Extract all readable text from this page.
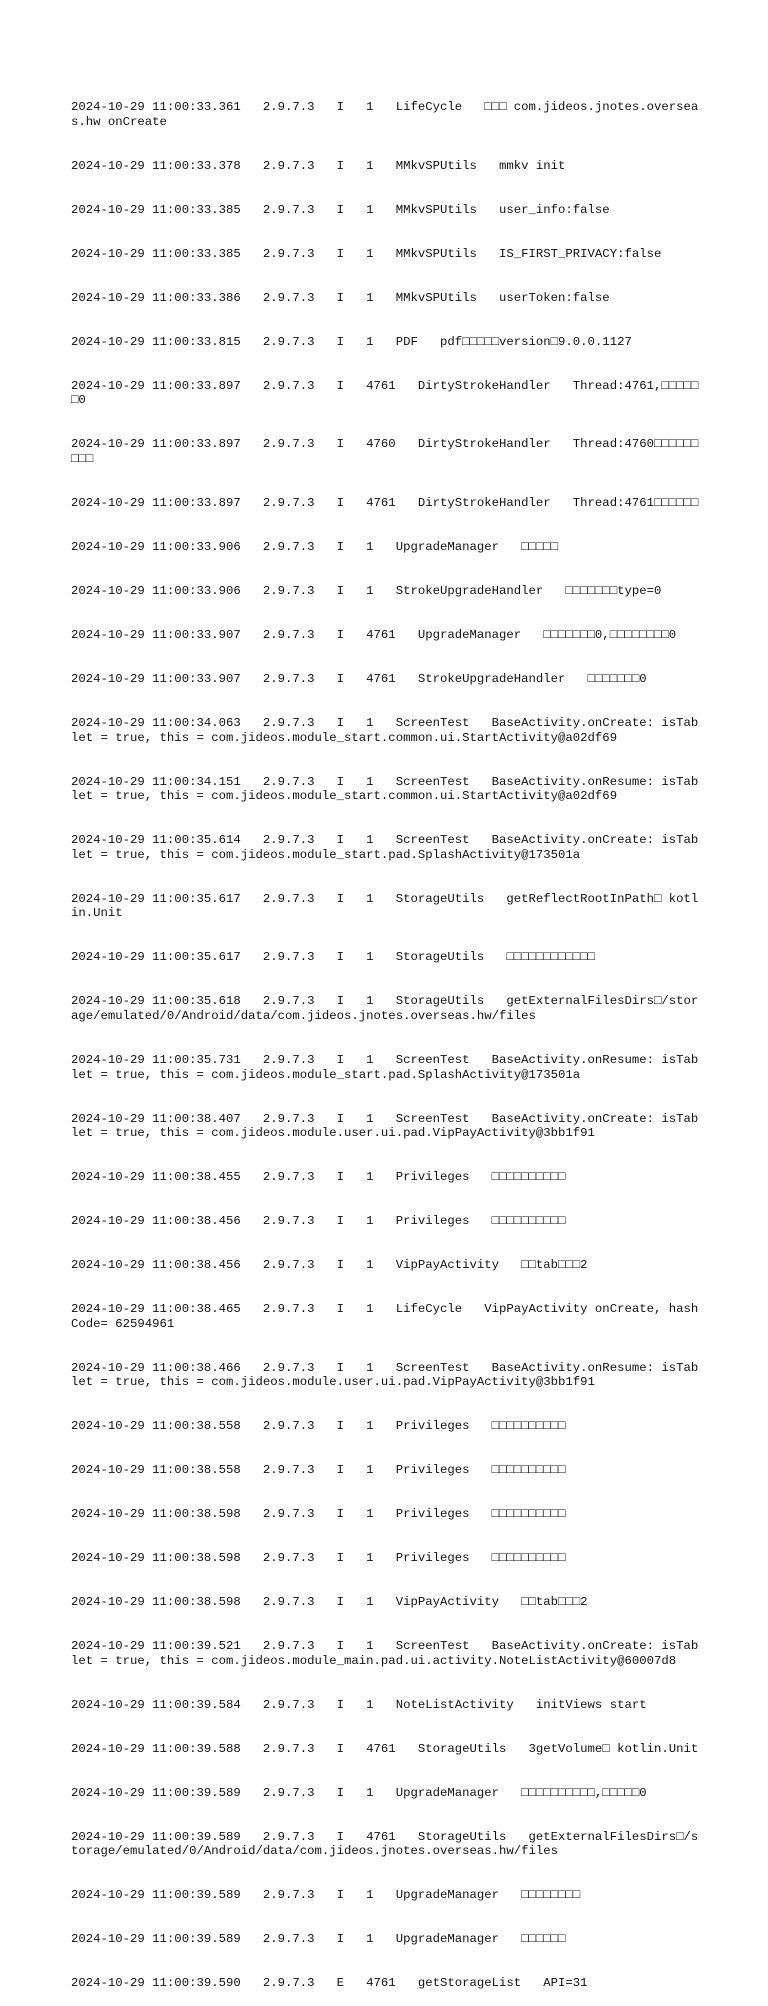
2024-10-29 11:00:33.361   2.9.7.3   I   1   LifeCycle   □□□ com.jideos.jnotes.overseas.hw onCreate

2024-10-29 11:00:33.378   2.9.7.3   I   1   MMkvSPUtils   mmkv init

2024-10-29 11:00:33.385   2.9.7.3   I   1   MMkvSPUtils   user_info:false

2024-10-29 11:00:33.385   2.9.7.3   I   1   MMkvSPUtils   IS_FIRST_PRIVACY:false

2024-10-29 11:00:33.386   2.9.7.3   I   1   MMkvSPUtils   userToken:false

2024-10-29 11:00:33.815   2.9.7.3   I   1   PDF   pdf□□□□□version□9.0.0.1127

2024-10-29 11:00:33.897   2.9.7.3   I   4761   DirtyStrokeHandler   Thread:4761,□□□□□□0

2024-10-29 11:00:33.897   2.9.7.3   I   4760   DirtyStrokeHandler   Thread:4760□□□□□□□□□

2024-10-29 11:00:33.897   2.9.7.3   I   4761   DirtyStrokeHandler   Thread:4761□□□□□□

2024-10-29 11:00:33.906   2.9.7.3   I   1   UpgradeManager   □□□□□

2024-10-29 11:00:33.906   2.9.7.3   I   1   StrokeUpgradeHandler   □□□□□□□type=0

2024-10-29 11:00:33.907   2.9.7.3   I   4761   UpgradeManager   □□□□□□□0,□□□□□□□□0

2024-10-29 11:00:33.907   2.9.7.3   I   4761   StrokeUpgradeHandler   □□□□□□□0

2024-10-29 11:00:34.063   2.9.7.3   I   1   ScreenTest   BaseActivity.onCreate: isTablet = true, this = com.jideos.module_start.common.ui.StartActivity@a02df69

2024-10-29 11:00:34.151   2.9.7.3   I   1   ScreenTest   BaseActivity.onResume: isTablet = true, this = com.jideos.module_start.common.ui.StartActivity@a02df69

2024-10-29 11:00:35.614   2.9.7.3   I   1   ScreenTest   BaseActivity.onCreate: isTablet = true, this = com.jideos.module_start.pad.SplashActivity@173501a

2024-10-29 11:00:35.617   2.9.7.3   I   1   StorageUtils   getReflectRootInPath□ kotlin.Unit

2024-10-29 11:00:35.617   2.9.7.3   I   1   StorageUtils   □□□□□□□□□□□□

2024-10-29 11:00:35.618   2.9.7.3   I   1   StorageUtils   getExternalFilesDirs□/storage/emulated/0/Android/data/com.jideos.jnotes.overseas.hw/files

2024-10-29 11:00:35.731   2.9.7.3   I   1   ScreenTest   BaseActivity.onResume: isTablet = true, this = com.jideos.module_start.pad.SplashActivity@173501a

2024-10-29 11:00:38.407   2.9.7.3   I   1   ScreenTest   BaseActivity.onCreate: isTablet = true, this = com.jideos.module.user.ui.pad.VipPayActivity@3bb1f91

2024-10-29 11:00:38.455   2.9.7.3   I   1   Privileges   □□□□□□□□□□

2024-10-29 11:00:38.456   2.9.7.3   I   1   Privileges   □□□□□□□□□□

2024-10-29 11:00:38.456   2.9.7.3   I   1   VipPayActivity   □□tab□□□2

2024-10-29 11:00:38.465   2.9.7.3   I   1   LifeCycle   VipPayActivity onCreate, hashCode= 62594961

2024-10-29 11:00:38.466   2.9.7.3   I   1   ScreenTest   BaseActivity.onResume: isTablet = true, this = com.jideos.module.user.ui.pad.VipPayActivity@3bb1f91

2024-10-29 11:00:38.558   2.9.7.3   I   1   Privileges   □□□□□□□□□□

2024-10-29 11:00:38.558   2.9.7.3   I   1   Privileges   □□□□□□□□□□

2024-10-29 11:00:38.598   2.9.7.3   I   1   Privileges   □□□□□□□□□□

2024-10-29 11:00:38.598   2.9.7.3   I   1   Privileges   □□□□□□□□□□

2024-10-29 11:00:38.598   2.9.7.3   I   1   VipPayActivity   □□tab□□□2

2024-10-29 11:00:39.521   2.9.7.3   I   1   ScreenTest   BaseActivity.onCreate: isTablet = true, this = com.jideos.module_main.pad.ui.activity.NoteListActivity@60007d8

2024-10-29 11:00:39.584   2.9.7.3   I   1   NoteListActivity   initViews start

2024-10-29 11:00:39.588   2.9.7.3   I   4761   StorageUtils   3getVolume□ kotlin.Unit

2024-10-29 11:00:39.589   2.9.7.3   I   1   UpgradeManager   □□□□□□□□□□,□□□□□0

2024-10-29 11:00:39.589   2.9.7.3   I   4761   StorageUtils   getExternalFilesDirs□/storage/emulated/0/Android/data/com.jideos.jnotes.overseas.hw/files

2024-10-29 11:00:39.589   2.9.7.3   I   1   UpgradeManager   □□□□□□□□

2024-10-29 11:00:39.589   2.9.7.3   I   1   UpgradeManager   □□□□□□

2024-10-29 11:00:39.590   2.9.7.3   E   4761   getStorageList   API=31
